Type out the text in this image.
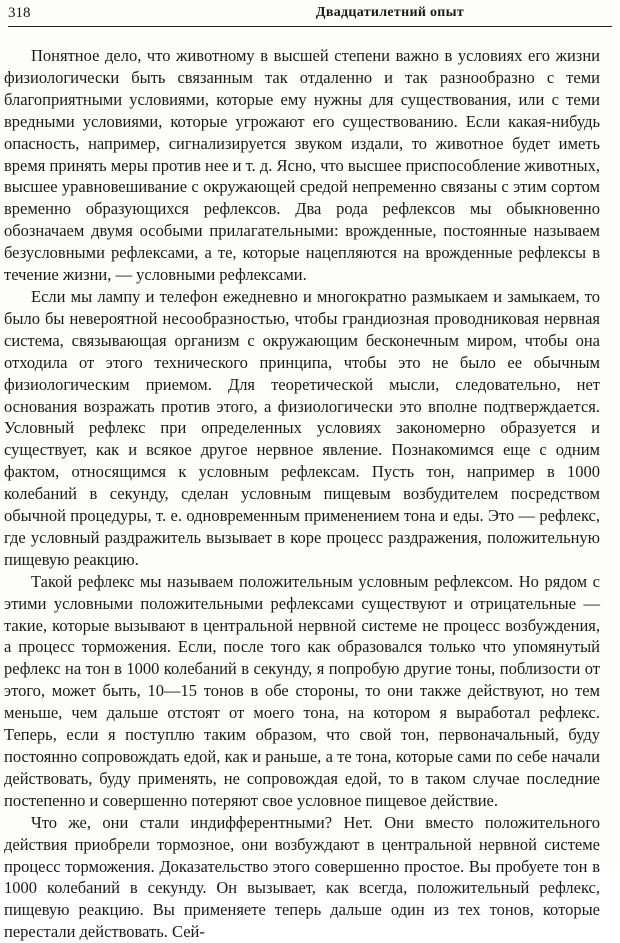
318	Двадцатилетний опыт

Понятное дело, что животному в высшей степени важно в условиях его жизни физиологически быть связанным так отдаленно и так разнообразно с теми благоприятными условиями, которые ему нужны для существования, или с теми вредными условиями, которые угрожают его существованию. Если какая-нибудь опасность, например, сигнализируется звуком издали, то животное будет иметь время принять меры против нее и т. д. Ясно, что высшее приспособление животных, высшее уравновешивание с окружающей средой непременно связаны с этим сортом временно образующихся рефлексов. Два рода рефлексов мы обыкновенно обозначаем двумя особыми прилагательными: врожденные, постоянные называем безусловными рефлексами, а те, которые нацепляются на врожденные рефлексы в течение жизни, — условными рефлексами.

Если мы лампу и телефон ежедневно и многократно размыкаем и замыкаем, то было бы невероятной несообразностью, чтобы грандиозная проводниковая нервная система, связывающая организм с окружающим бесконечным миром, чтобы она отходила от этого технического принципа, чтобы это не было ее обычным физиологическим приемом. Для теоретической мысли, следовательно, нет основания возражать против этого, а физиологически это вполне подтверждается. Условный рефлекс при определенных условиях закономерно образуется и существует, как и всякое другое нервное явление. Познакомимся еще с одним фактом, относящимся к условным рефлексам. Пусть тон, например в 1000 колебаний в секунду, сделан условным пищевым возбудителем посредством обычной процедуры, т. е. одновременным применением тона и еды. Это — рефлекс, где условный раздражитель вызывает в коре процесс раздражения, положительную пищевую реакцию.

Такой рефлекс мы называем положительным условным рефлексом. Но рядом с этими условными положительными рефлексами существуют и отрицательные — такие, которые вызывают в центральной нервной системе не процесс возбуждения, а процесс торможения. Если, после того как образовался только что упомянутый рефлекс на тон в 1000 колебаний в секунду, я попробую другие тоны, поблизости от этого, может быть, 10—15 тонов в обе стороны, то они также действуют, но тем меньше, чем дальше отстоят от моего тона, на котором я выработал рефлекс. Теперь, если я поступлю таким образом, что свой тон, первоначальный, буду постоянно сопровождать едой, как и раньше, а те тона, которые сами по себе начали действовать, буду применять, не сопровождая едой, то в таком случае последние постепенно и совершенно потеряют свое условное пищевое действие.

Что же, они стали индифферентными? Нет. Они вместо положительного действия приобрели тормозное, они возбуждают в центральной нервной системе процесс торможения. Доказательство этого совершенно простое. Вы пробуете тон в 1000 колебаний в секунду. Он вызывает, как всегда, положительный рефлекс, пищевую реакцию. Вы применяете теперь дальше один из тех тонов, которые перестали действовать. Сей-
